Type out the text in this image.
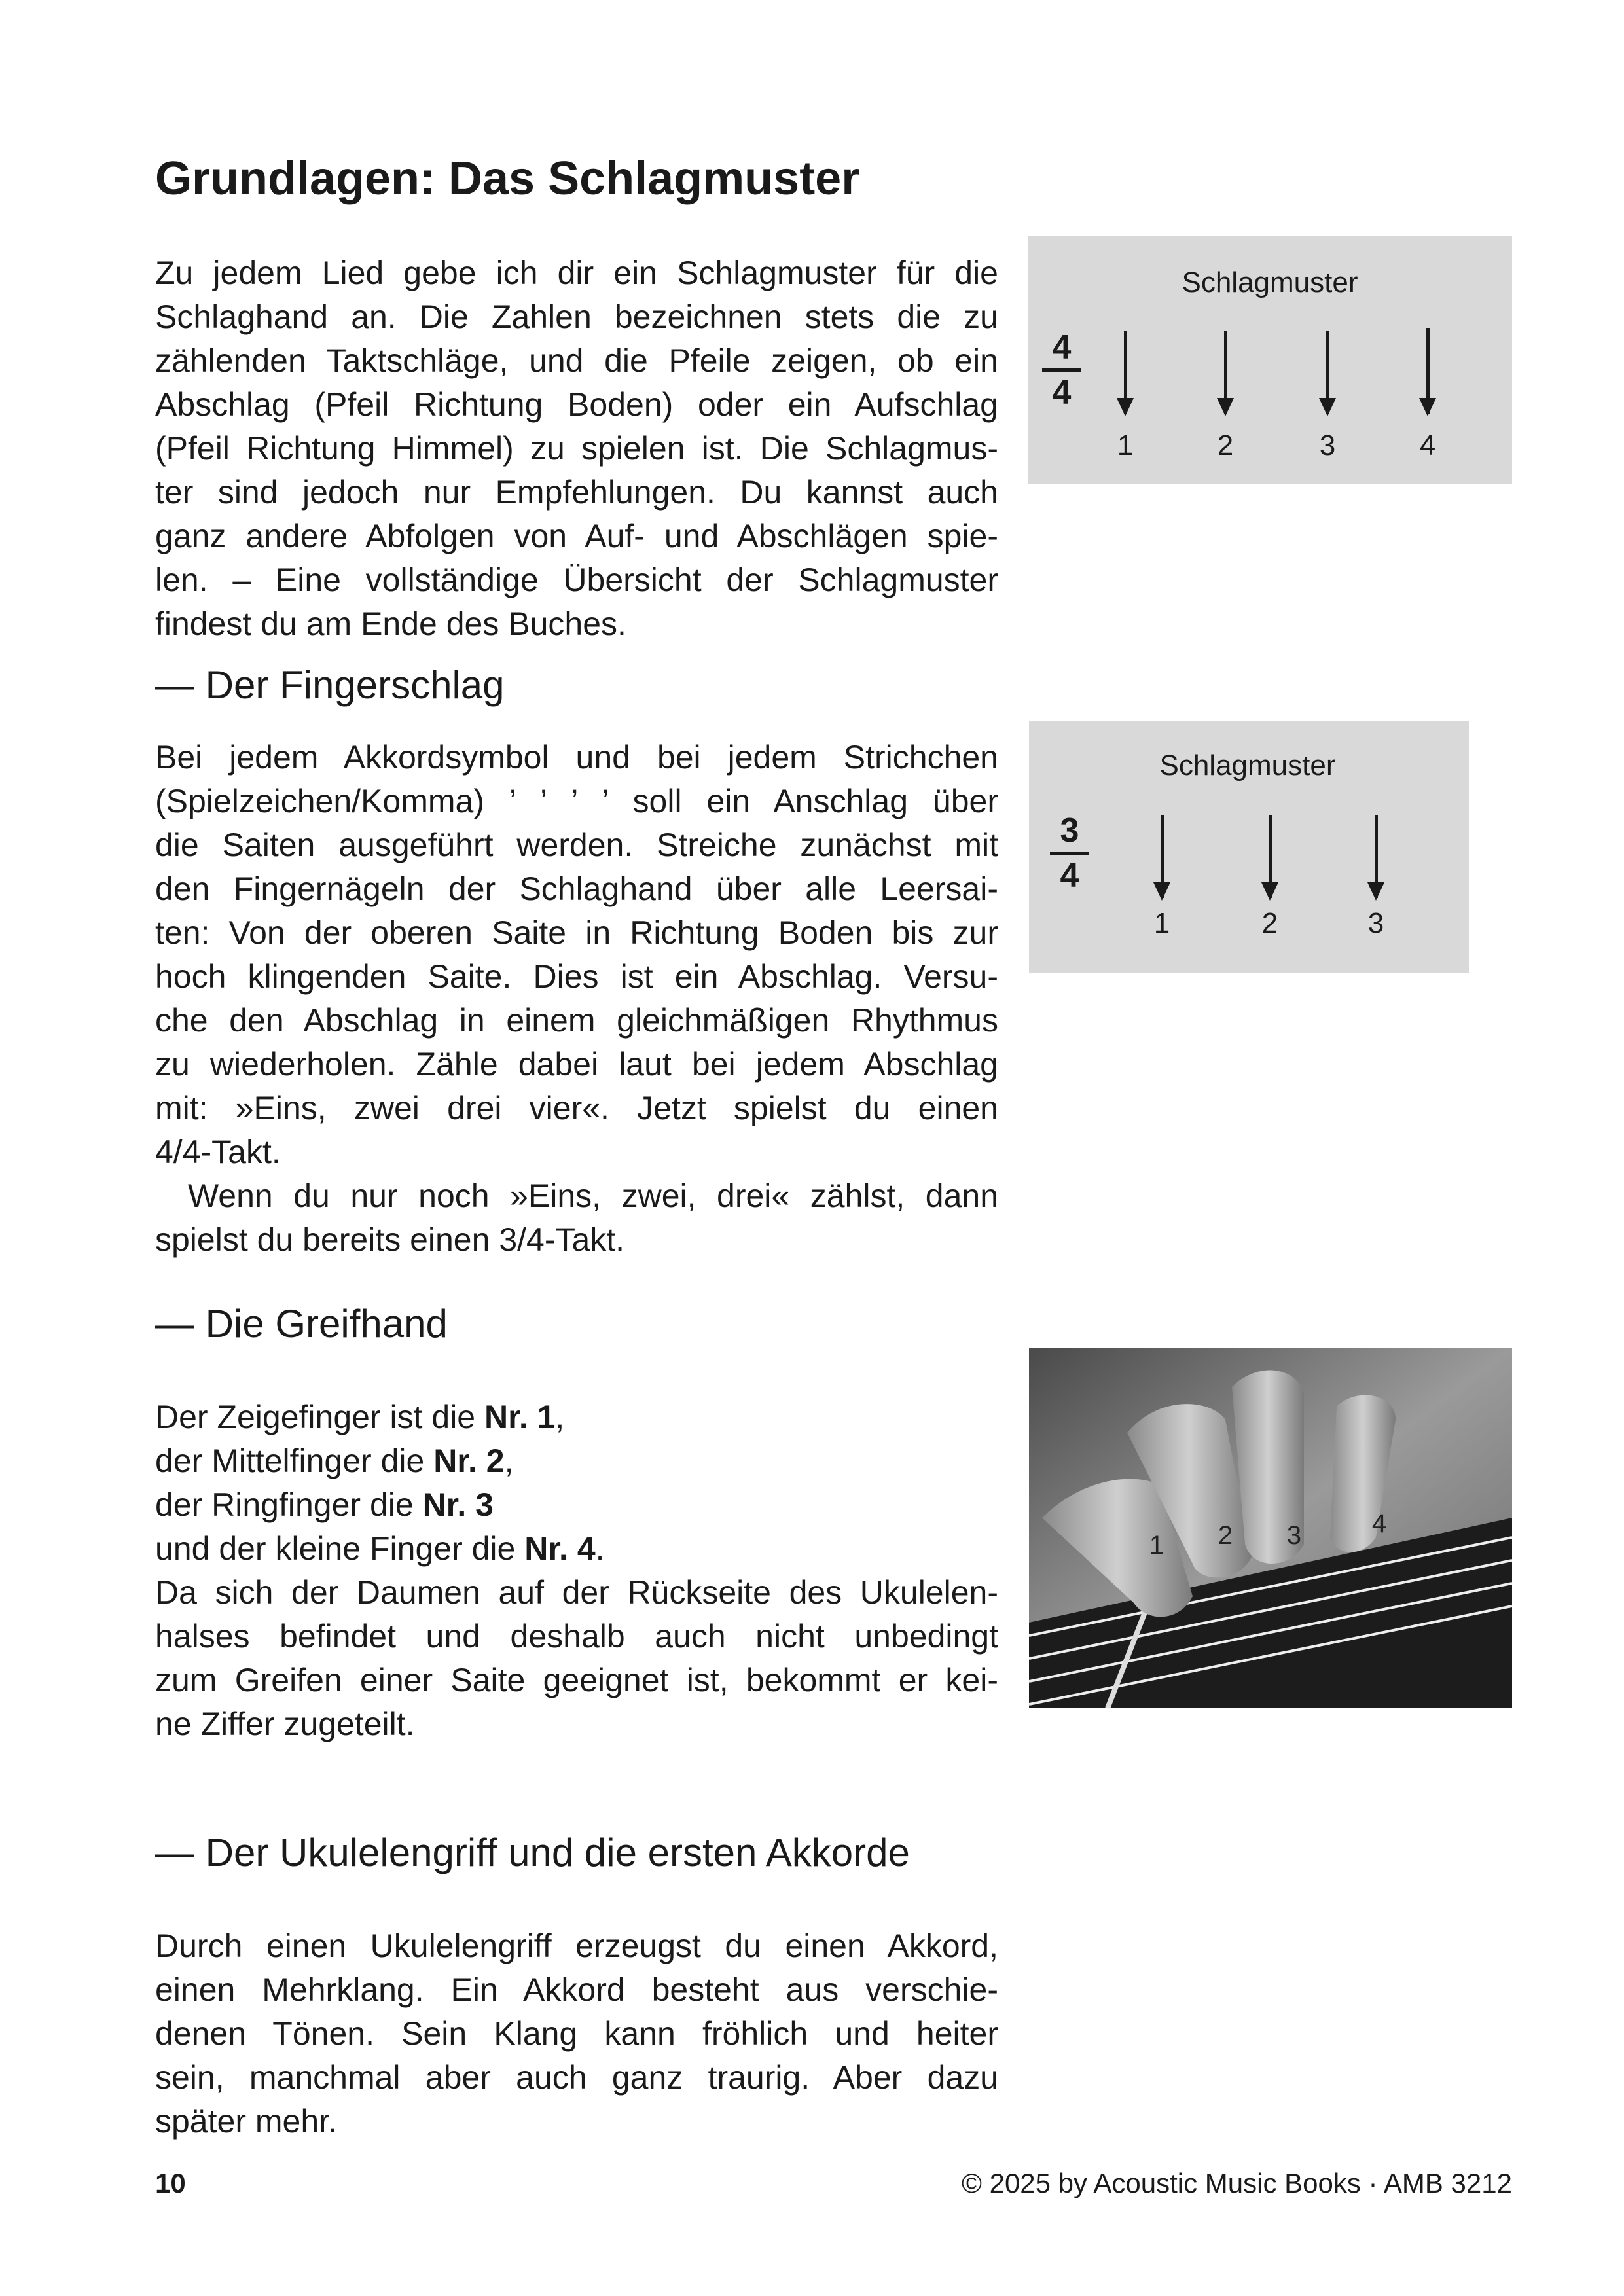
Grundlagen: Das Schlagmuster
Zu jedem Lied gebe ich dir ein Schlagmuster für die
Schlaghand an. Die Zahlen bezeichnen stets die zu
zählenden Taktschläge, und die Pfeile zeigen, ob ein
Abschlag (Pfeil Richtung Boden) oder ein Aufschlag
(Pfeil Richtung Himmel) zu spielen ist. Die Schlagmus-
ter sind jedoch nur Empfehlungen. Du kannst auch
ganz andere Abfolgen von Auf- und Abschlägen spie-
len. – Eine vollständige Übersicht der Schlagmuster
findest du am Ende des Buches.
— Der Fingerschlag
Bei jedem Akkordsymbol und bei jedem Strichchen
(Spielzeichen/Komma) ’ ’ ’ ’ soll ein Anschlag über
die Saiten ausgeführt werden. Streiche zunächst mit
den Fingernägeln der Schlaghand über alle Leersai-
ten: Von der oberen Saite in Richtung Boden bis zur
hoch klingenden Saite. Dies ist ein Abschlag. Versu-
che den Abschlag in einem gleichmäßigen Rhythmus
zu wiederholen. Zähle dabei laut bei jedem Abschlag
mit: »Eins, zwei drei vier«. Jetzt spielst du einen
4/4-Takt.
Wenn du nur noch »Eins, zwei, drei« zählst, dann
spielst du bereits einen 3/4-Takt.
— Die Greifhand
Der Zeigefinger ist die Nr. 1,
der Mittelfinger die Nr. 2,
der Ringfinger die Nr. 3
und der kleine Finger die Nr. 4.
Da sich der Daumen auf der Rückseite des Ukulelen-
halses befindet und deshalb auch nicht unbedingt
zum Greifen einer Saite geeignet ist, bekommt er kei-
ne Ziffer zugeteilt.
— Der Ukulelengriff und die ersten Akkorde
Durch einen Ukulelengriff erzeugst du einen Akkord,
einen Mehrklang. Ein Akkord besteht aus verschie-
denen Tönen. Sein Klang kann fröhlich und heiter
sein, manchmal aber auch ganz traurig. Aber dazu
später mehr.
Schlagmuster
4
4
1	2	3	4
Schlagmuster
3
4
1	2	3
1 2 3	4
10	© 2025 by Acoustic Music Books · AMB 3212
